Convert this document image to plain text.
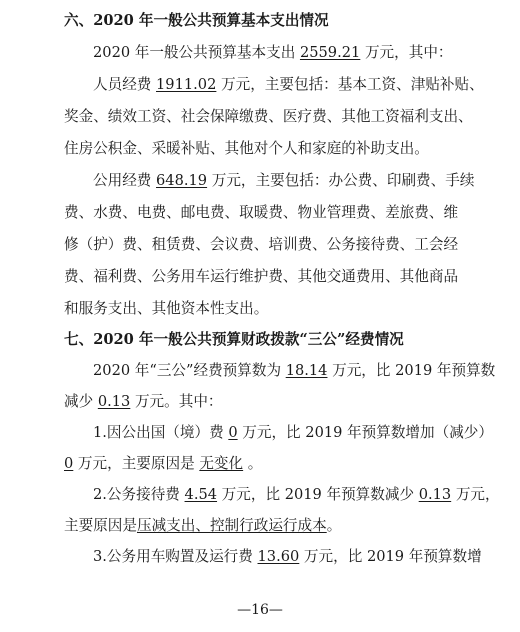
六、2020 年一般公共预算基本支出情况
2020 年一般公共预算基本支出 2559.21 万元，其中：
人员经费 1911.02 万元，主要包括：基本工资、津贴补贴、
奖金、绩效工资、社会保障缴费、医疗费、其他工资福利支出、
住房公积金、采暖补贴、其他对个人和家庭的补助支出。
公用经费 648.19 万元，主要包括：办公费、印刷费、手续
费、水费、电费、邮电费、取暖费、物业管理费、差旅费、维
修（护）费、租赁费、会议费、培训费、公务接待费、工会经
费、福利费、公务用车运行维护费、其他交通费用、其他商品
和服务支出、其他资本性支出。
七、2020 年一般公共预算财政拨款“三公”经费情况
2020 年“三公”经费预算数为 18.14 万元，比 2019 年预算数
减少 0.13 万元。其中：
1.因公出国（境）费 0 万元，比 2019 年预算数增加（减少）
0 万元，主要原因是 无变化 。
2.公务接待费 4.54 万元，比 2019 年预算数减少 0.13 万元，
主要原因是压减支出、控制行政运行成本。
3.公务用车购置及运行费 13.60 万元，比 2019 年预算数增
—16—
